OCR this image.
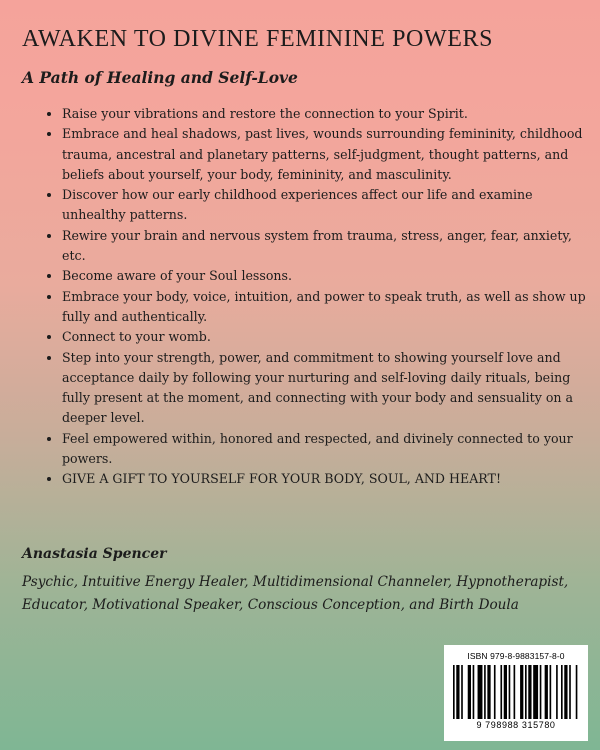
AWAKEN TO DIVINE FEMININE POWERS
A Path of Healing and Self-Love
• Raise your vibrations and restore the connection to your Spirit.
• Embrace and heal shadows, past lives, wounds surrounding femininity, childhood trauma, ancestral and planetary patterns, self-judgment, thought patterns, and beliefs about yourself, your body, femininity, and masculinity.
• Discover how our early childhood experiences affect our life and examine unhealthy patterns.
• Rewire your brain and nervous system from trauma, stress, anger, fear, anxiety, etc.
• Become aware of your Soul lessons.
• Embrace your body, voice, intuition, and power to speak truth, as well as show up fully and authentically.
• Connect to your womb.
• Step into your strength, power, and commitment to showing yourself love and acceptance daily by following your nurturing and self-loving daily rituals, being fully present at the moment, and connecting with your body and sensuality on a deeper level.
• Feel empowered within, honored and respected, and divinely connected to your powers.
• GIVE A GIFT TO YOURSELF FOR YOUR BODY, SOUL, AND HEART!

Anastasia Spencer

Psychic, Intuitive Energy Healer, Multidimensional Channeler, Hypnotherapist, Educator, Motivational Speaker, Conscious Conception, and Birth Doula

ISBN 979-8-9883157-8-0
9 798988 315780
